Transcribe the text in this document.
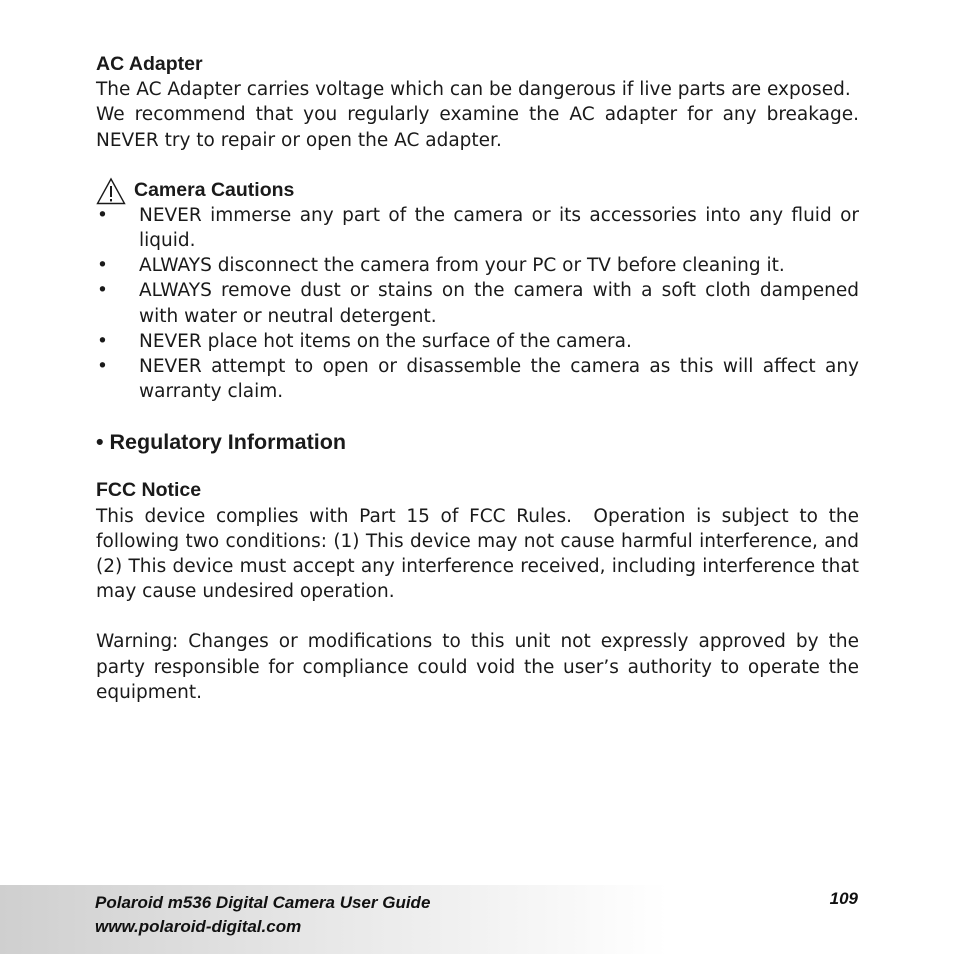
AC Adapter

The AC Adapter carries voltage which can be dangerous if live parts are exposed.

We recommend that you regularly examine the AC adapter for any breakage. NEVER try to repair or open the AC adapter.

Camera Cautions
•	NEVER immerse any part of the camera or its accessories into any fluid or liquid.
•	ALWAYS disconnect the camera from your PC or TV before cleaning it.
•	ALWAYS remove dust or stains on the camera with a soft cloth dampened with water or neutral detergent.
•	NEVER place hot items on the surface of the camera.
•	NEVER attempt to open or disassemble the camera as this will affect any warranty claim.
• Regulatory Information
FCC Notice

This device complies with Part 15 of FCC Rules.  Operation is subject to the following two conditions: (1) This device may not cause harmful interference, and (2) This device must accept any interference received, including interference that may cause undesired operation.

Warning: Changes or modifications to this unit not expressly approved by the party responsible for compliance could void the user’s authority to operate the equipment.

Polaroid m536 Digital Camera User Guide
www.polaroid-digital.com
109
